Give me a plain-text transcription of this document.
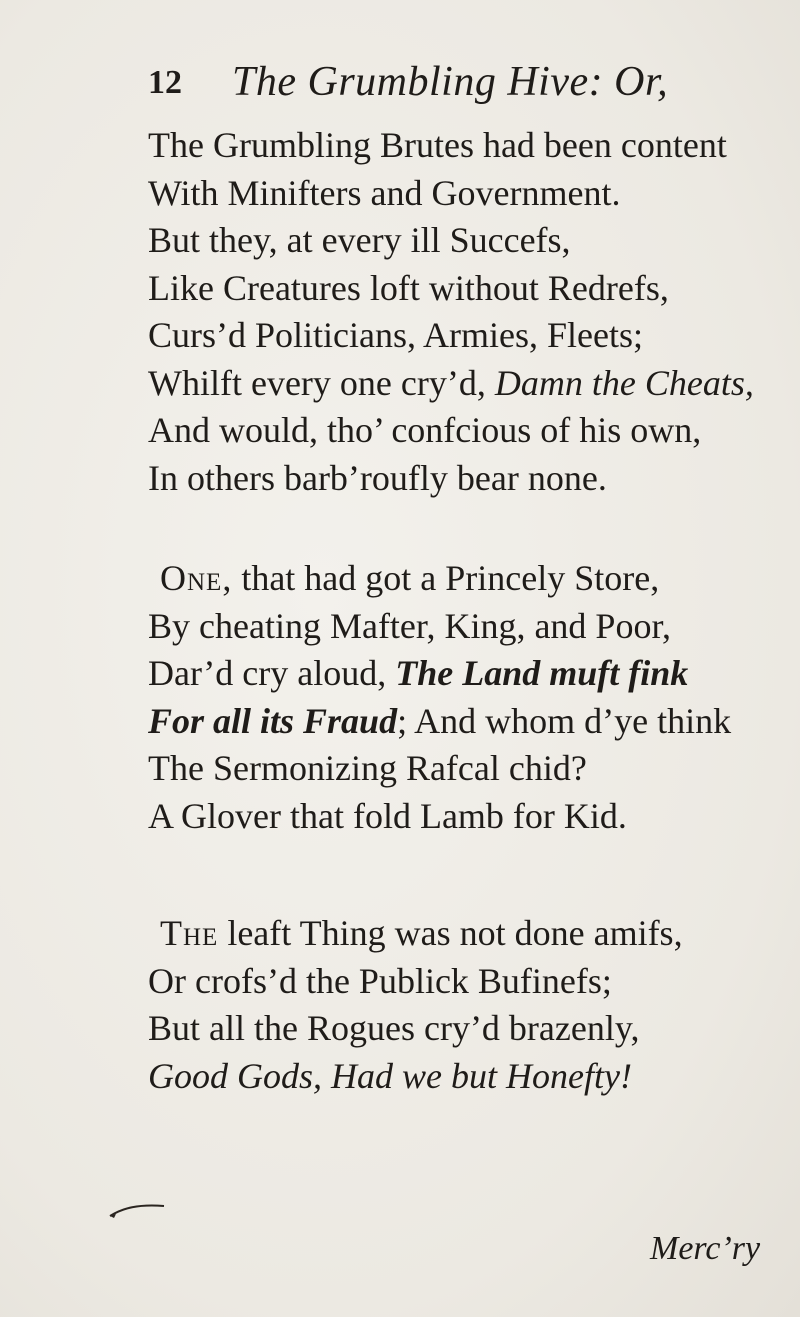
12 The Grumbling Hive: Or,
The Grumbling Brutes had been content
With Minifters and Government.
But they, at every ill Succefs,
Like Creatures loft without Redrefs,
Curs’d Politicians, Armies, Fleets;
Whilft every one cry’d, Damn the Cheats,
And would, tho’ confcious of his own,
In others barb’roufly bear none.
One, that had got a Princely Store,
By cheating Mafter, King, and Poor,
Dar’d cry aloud, The Land muft fink
For all its Fraud; And whom d’ye think
The Sermonizing Rafcal chid?
A Glover that fold Lamb for Kid.
The leaft Thing was not done amifs,
Or crofs’d the Publick Bufinefs;
But all the Rogues cry’d brazenly,
Good Gods, Had we but Honefty!
Merc’ry
